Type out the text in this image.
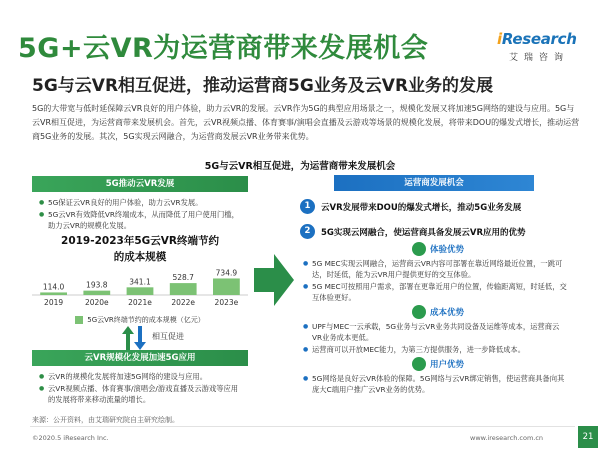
5G+云VR为运营商带来发展机会
5G与云VR相互促进，推动运营商5G业务及云VR业务的发展
iResearch
艾瑞咨询
5G的大带宽与低时延保障云VR良好的用户体验，助力云VR的发展。云VR作为5G的典型应用场景之一，规模化发展又将加速5G网络的建设与应用。5G与云VR相互促进，为运营商带来发展机会。首先，云VR视频点播、体育赛事/演唱会直播及云游戏等场景的规模化发展，将带来DOU的爆发式增长，推动运营商5G业务的发展。其次，5G实现云网融合，为运营商发展云VR业务带来优势。
5G与云VR相互促进，为运营商带来发展机会
5G推动云VR发展
● 5G保证云VR良好的用户体验，助力云VR发展。
● 5G云VR有效降低VR终端成本，从而降低了用户使用门槛，助力云VR的规模化发展。
2019-2023年5G云VR终端节约
的成本规模
114.0
2019
193.8
2020e
341.1
2021e
528.7
2022e
734.9
2023e
5G云VR终端节约的成本规模（亿元）
相互促进
云VR规模化发展加速5G应用
● 云VR的规模化发展将加速5G网络的建设与应用。
● 云VR视频点播、体育赛事/演唱会/游戏直播及云游戏等应用的发展将带来移动流量的增长。
运营商发展机会
1	云VR发展带来DOU的爆发式增长，推动5G业务发展
2	5G实现云网融合，使运营商具备发展云VR应用的优势
体验优势
● 5G MEC实现云网融合，运营商云VR内容可部署在靠近网络最近位置，一跳可达，时延低，能为云VR用户提供更好的交互体验。
● 5G MEC可按照用户需求，部署在更靠近用户的位置，传输距离短，时延低，交互体验更好。
成本优势
● UPF与MEC一云承载，5G业务与云VR业务共同设备及运维等成本，运营商云VR业务成本更低。
● 运营商可以开放MEC能力，为第三方提供服务，进一步降低成本。
用户优势
● 5G网络是良好云VR体验的保障。5G网络与云VR绑定销售，使运营商具备向其庞大C端用户推广云VR业务的优势。
来源：公开资料，由艾瑞研究院自主研究绘制。
©2020.5 iResearch Inc.	www.iresearch.com.cn	21
